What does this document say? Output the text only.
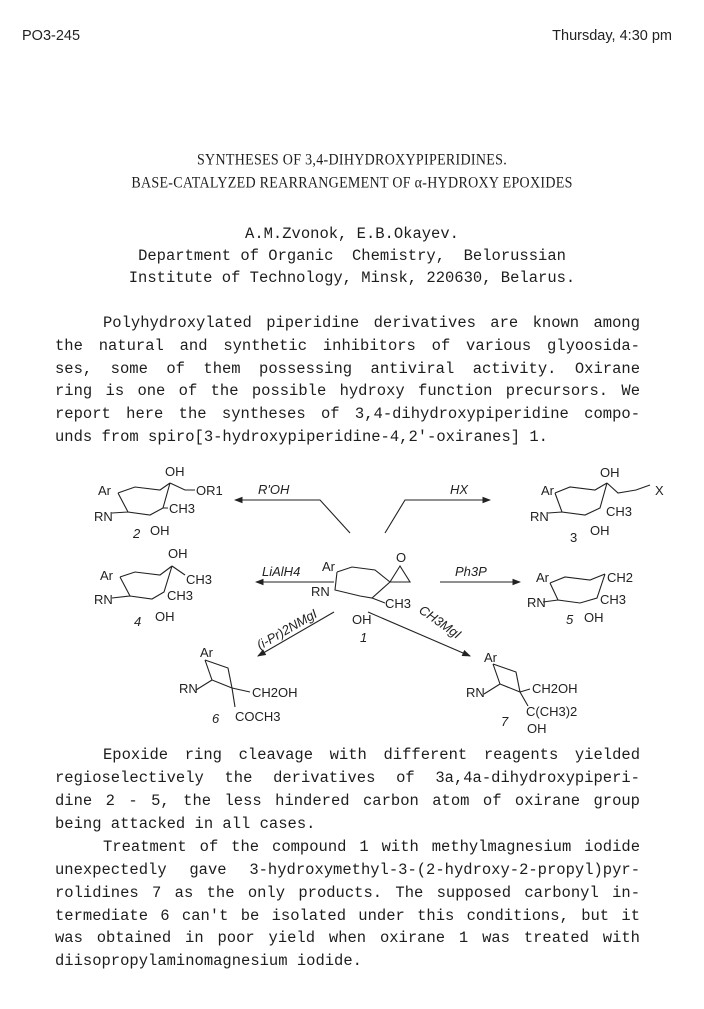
PO3-245	Thursday, 4:30 pm
SYNTHESES OF 3,4-DIHYDROXYPIPERIDINES.
BASE-CATALYZED REARRANGEMENT OF α-HYDROXY EPOXIDES
A.M.Zvonok, E.B.Okayev.
Department of Organic  Chemistry,  Belorussian
Institute of Technology, Minsk, 220630, Belarus.
Polyhydroxylated piperidine derivatives are known among
the natural and synthetic inhibitors of various glyoosida-
ses, some of them possessing antiviral activity. Oxirane
ring is one of the possible hydroxy function precursors. We
report here the syntheses of 3,4-dihydroxypiperidine compo-
unds from spiro[3-hydroxypiperidine-4,2'-oxiranes] 1.
R'OH	HX
LiAlH4	Ph3P
(i-Pr)2NMgI	CH3MgI
OH
Ar	OR1
RN
CH3
OH
2
OH
Ar	X
RN	CH3
OH
3
OH
Ar	CH3
RN	CH3
OH
4
Ar
O
RN
CH3
OH
1
Ar	CH2
RN	CH3
OH
5
Ar
RN	CH2OH
COCH3
6
Ar
RN	CH2OH
C(CH3)2
OH
7
Epoxide ring cleavage with different reagents yielded
regioselectively the derivatives of 3a,4a-dihydroxypiperi-
dine 2 - 5, the less hindered carbon atom of oxirane group
being attacked in all cases.
Treatment of the compound 1 with methylmagnesium iodide
unexpectedly gave 3-hydroxymethyl-3-(2-hydroxy-2-propyl)pyr-
rolidines 7 as the only products. The supposed carbonyl in-
termediate 6 can't be isolated under this conditions, but it
was obtained in poor yield when oxirane 1 was treated with
diisopropylaminomagnesium iodide.
